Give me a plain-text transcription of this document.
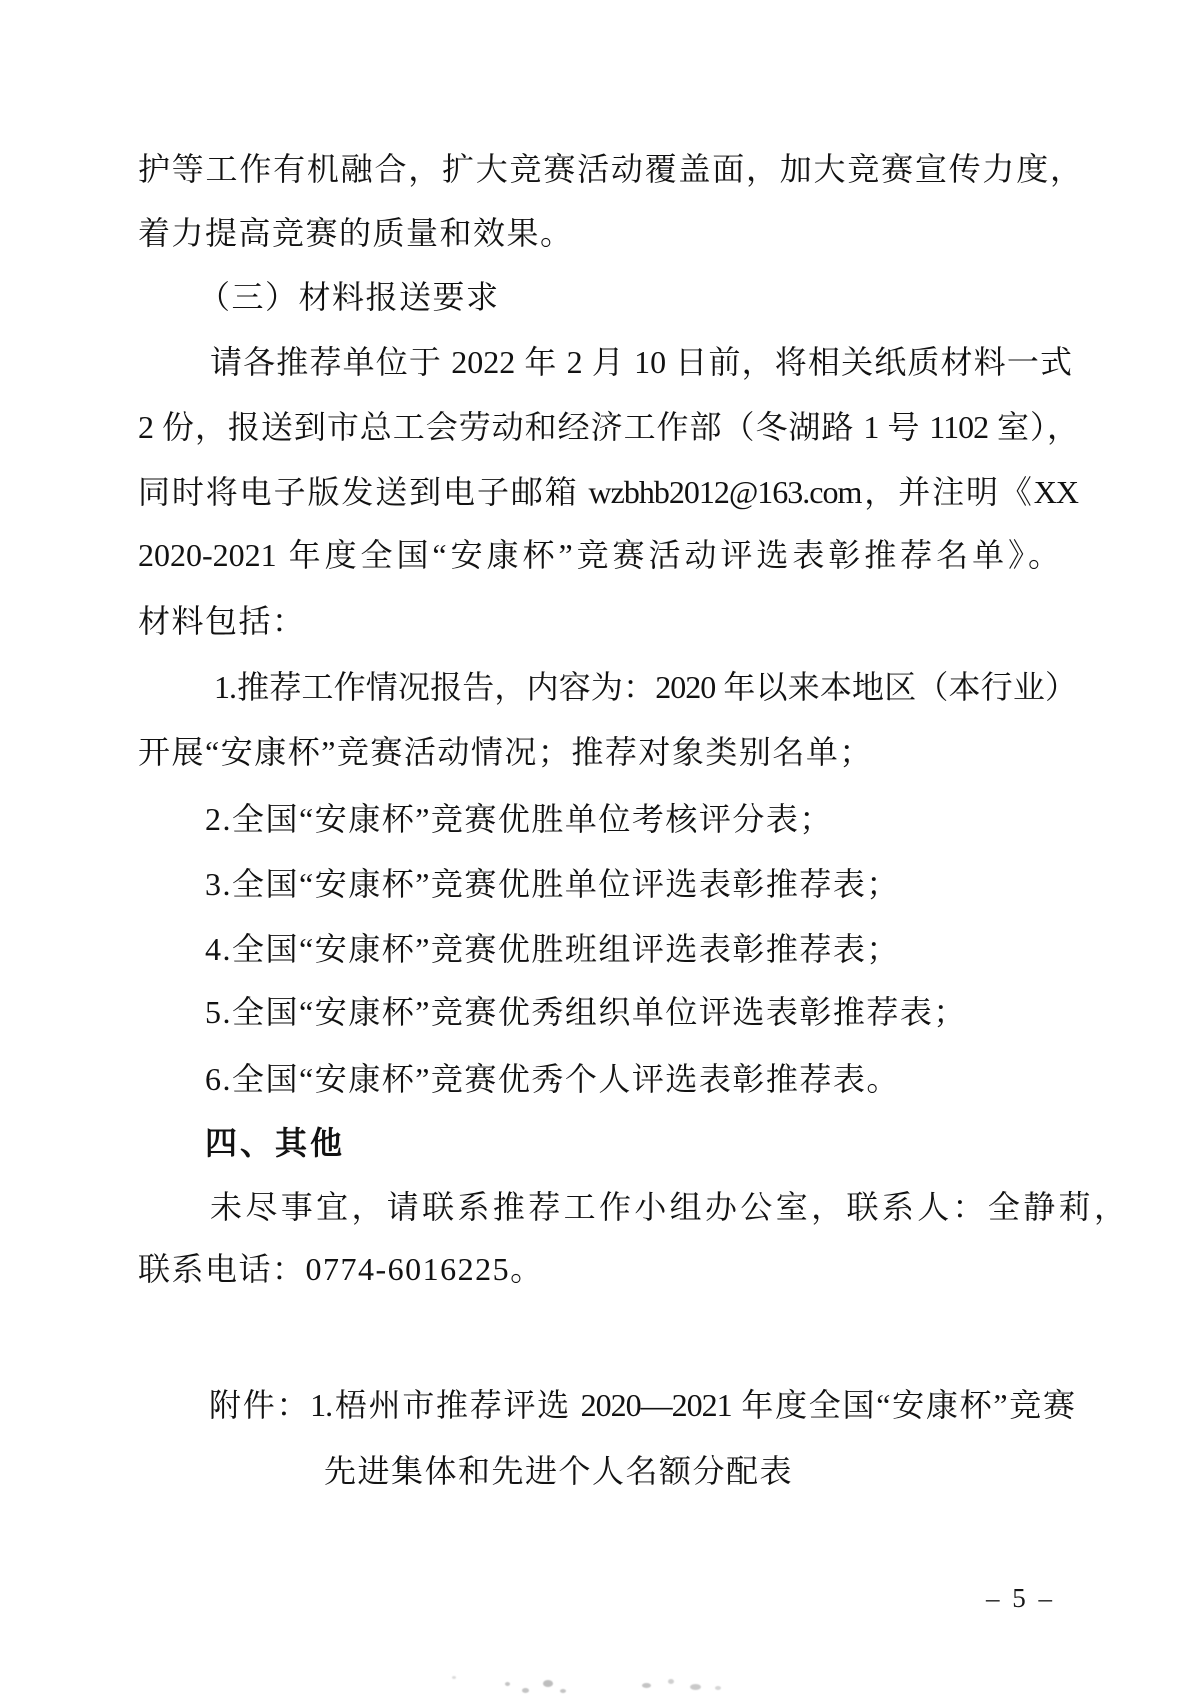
护等工作有机融合，扩大竞赛活动覆盖面，加大竞赛宣传力度，
着力提高竞赛的质量和效果。
（三）材料报送要求
请各推荐单位于 2022 年 2 月 10 日前，将相关纸质材料一式
2 份，报送到市总工会劳动和经济工作部（冬湖路 1 号 1102 室），
同时将电子版发送到电子邮箱 wzbhb2012@163.com，并注明《XX
2020-2021 年度全国“安康杯”竞赛活动评选表彰推荐名单》。
材料包括：
1.推荐工作情况报告，内容为：2020 年以来本地区（本行业）
开展“安康杯”竞赛活动情况；推荐对象类别名单；
2.全国“安康杯”竞赛优胜单位考核评分表；
3.全国“安康杯”竞赛优胜单位评选表彰推荐表；
4.全国“安康杯”竞赛优胜班组评选表彰推荐表；
5.全国“安康杯”竞赛优秀组织单位评选表彰推荐表；
6.全国“安康杯”竞赛优秀个人评选表彰推荐表。
四、其他
未尽事宜，请联系推荐工作小组办公室，联系人：全静莉，
联系电话：0774-6016225。
附件：1.梧州市推荐评选 2020—2021 年度全国“安康杯”竞赛
先进集体和先进个人名额分配表
– 5 –
